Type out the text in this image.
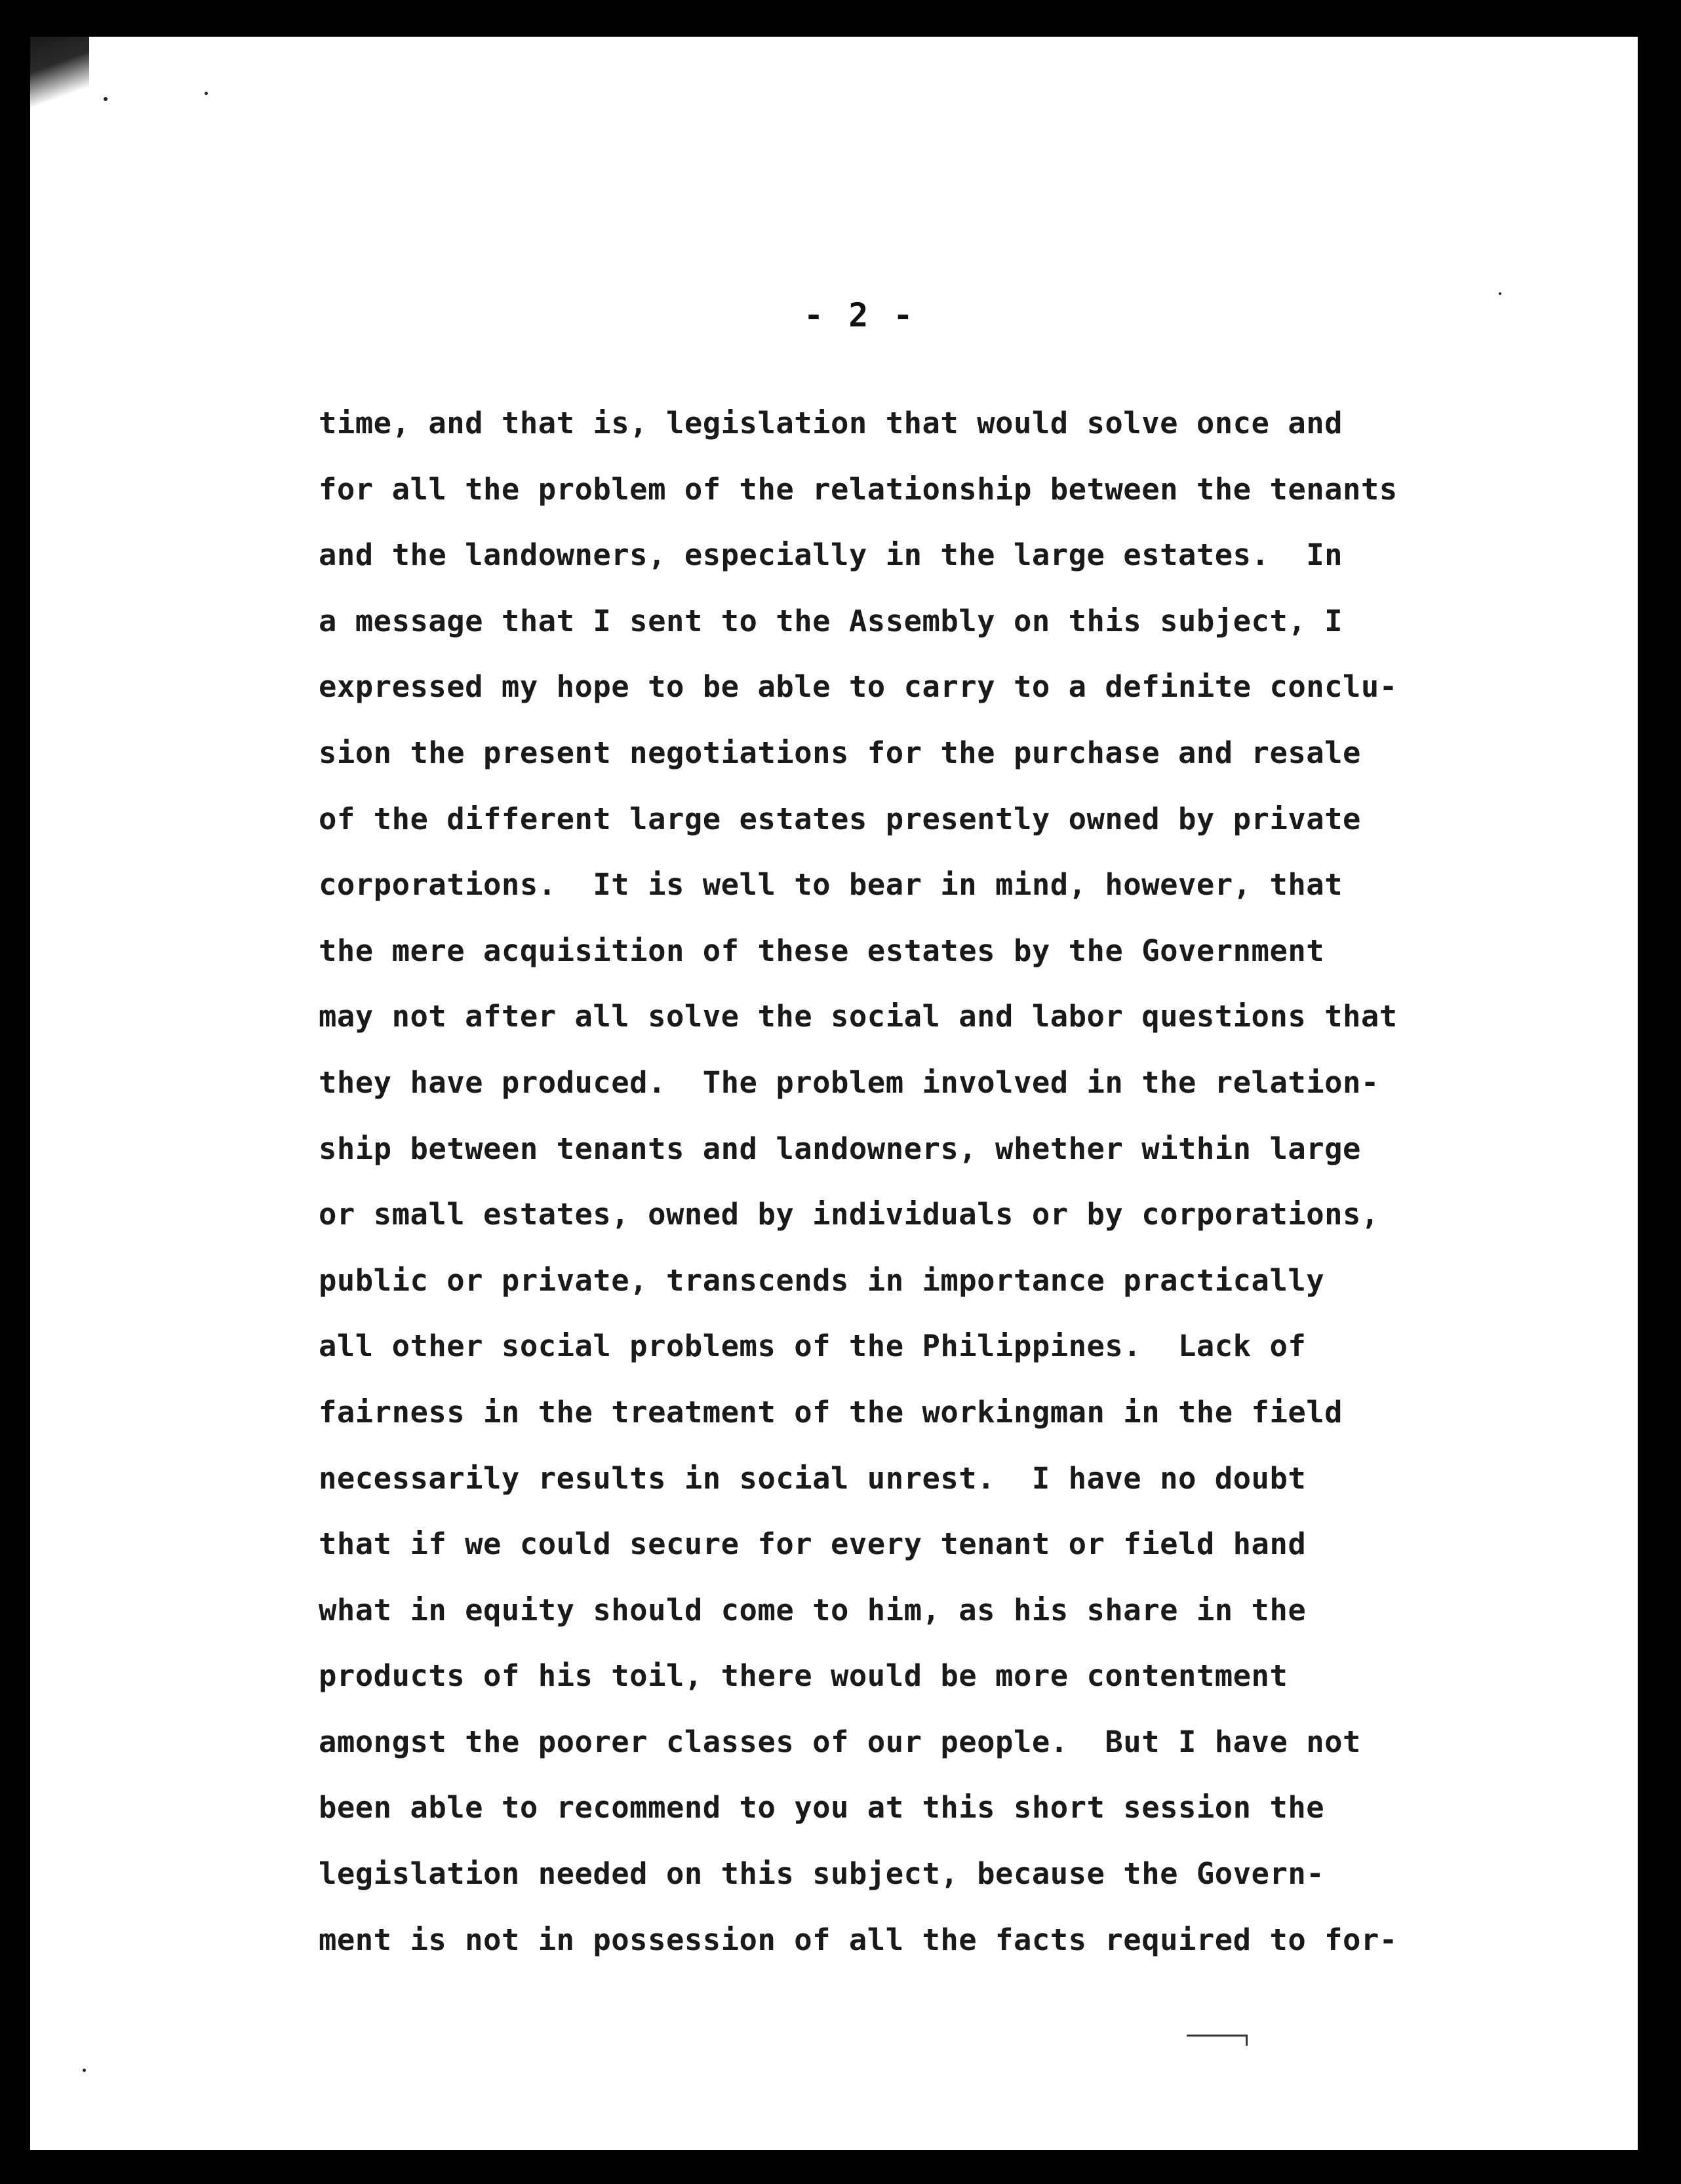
- 2 -
time, and that is, legislation that would solve once and
for all the problem of the relationship between the tenants
and the landowners, especially in the large estates.  In
a message that I sent to the Assembly on this subject, I
expressed my hope to be able to carry to a definite conclu-
sion the present negotiations for the purchase and resale
of the different large estates presently owned by private
corporations.  It is well to bear in mind, however, that
the mere acquisition of these estates by the Government
may not after all solve the social and labor questions that
they have produced.  The problem involved in the relation-
ship between tenants and landowners, whether within large
or small estates, owned by individuals or by corporations,
public or private, transcends in importance practically
all other social problems of the Philippines.  Lack of
fairness in the treatment of the workingman in the field
necessarily results in social unrest.  I have no doubt
that if we could secure for every tenant or field hand
what in equity should come to him, as his share in the
products of his toil, there would be more contentment
amongst the poorer classes of our people.  But I have not
been able to recommend to you at this short session the
legislation needed on this subject, because the Govern-
ment is not in possession of all the facts required to for-
